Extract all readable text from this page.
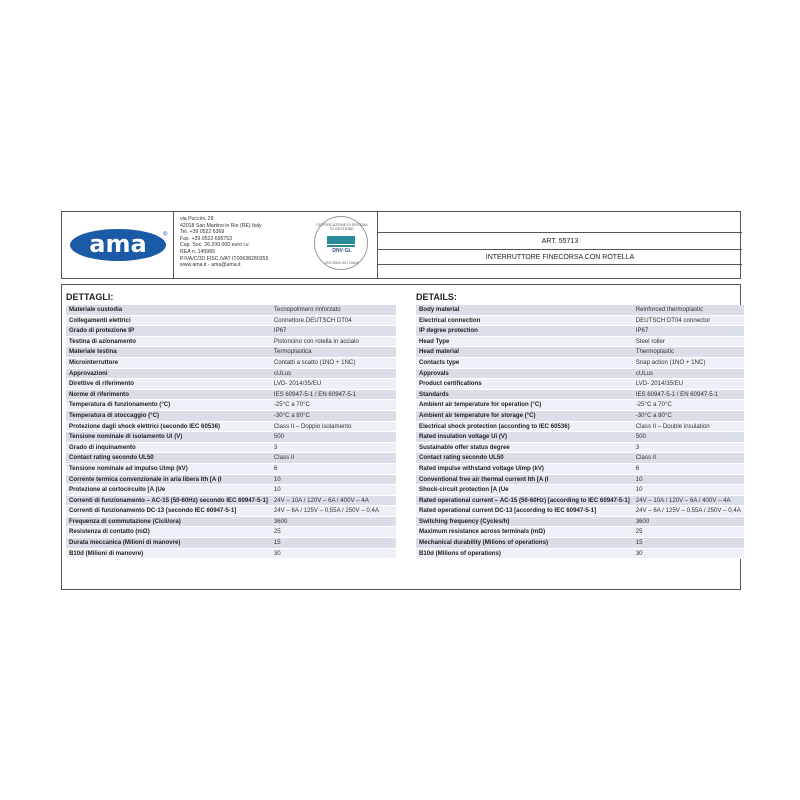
ama	®
via Puccini, 28
42018 San Martino in Rio (RE) Italy
Tel. +39 0522 6369
Fax. +39 0522 695753
Cap. Soc. 26.200.000 euro i.v.
REA n. 145989
P.IVA/COD.FISC./VAT IT00638280355
www.ama.it - ama@ama.it
CERTIFICAZIONE DI SISTEMA DI GESTIONE
DNV·GL
ISO 9001:ISO 14001
ART. 55713
INTERRUTTORE FINECORSA CON ROTELLA
DETTAGLI:
Materiale custodia	Tecnopolimero rinforzato
Collegamenti elettrici	Connettore DEUTSCH DT04
Grado di protezione IP	IP67
Testina di azionamento	Pistoncino con rotella in acciaio
Materiale testina	Termoplastica
Microinterruttore	Contatti a scatto (1NO + 1NC)
Approvazioni	cULus
Direttive di riferimento	LVD- 2014/35/EU
Norme di riferimento	IES 60947-5-1 / EN 60947-5-1
Temperatura di funzionamento (°C)	-25°C a 70°C
Temperatura di stoccaggio (°C)	-30°C a 80°C
Protezione dagli shock elettrici (secondo IEC 60536)	Class II – Doppio isolamento
Tensione nominale di isolamento Ui (V)	500
Grado di inquinamento	3
Contact rating secondo UL50	Class II
Tensione nominale ad impulso Uimp (kV)	6
Corrente termica convenzionale in aria libera Ith [A (I	10
Protezione al cortocircuito [A (Ue	10
Correnti di funzionamento – AC-15 (50-60Hz) secondo IEC 60947-5-1]	24V – 10A / 120V – 6A / 400V – 4A
Correnti di funzionamento DC-13 [secondo IEC 60947-5-1]	24V – 6A / 125V – 0,55A / 250V – 0,4A
Frequenza di commutazione (Cicli/ora)	3600
Resistenza di contatto (mΩ)	25
Durata meccanica (Milioni di manovre)	15
B10d (Milioni di manovre)	30
DETAILS:
Body material	Reinforced thermoplastic
Electrical connection	DEUTSCH DT04 connector
IP degree protection	IP67
Head Type	Steel roller
Head material	Thermoplastic
Contacts type	Snap action (1NO + 1NC)
Approvals	cULus
Product certifications	LVD- 2014/35/EU
Standards	IES 60947-5-1 / EN 60947-5-1
Ambient air temperature for operation (°C)	-25°C a 70°C
Ambient air temperature for storage (°C)	-30°C a 80°C
Electrical shock protection (according to IEC 60536)	Class II – Double insulation
Rated insulation voltage Ui (V)	500
Sustainable offer status degree	3
Contact rating secondo UL50	Class II
Rated impulse withstand voltage Uimp (kV)	6
Conventional free air thermal current Ith [A (I	10
Shock-circuit protection [A (Ue	10
Rated operational current – AC-15 (50-60Hz) [according to IEC 60947-5-1]	24V – 10A / 120V – 6A / 400V – 4A
Rated operational current DC-13 [according to IEC 60947-5-1]	24V – 6A / 125V – 0,55A / 250V – 0,4A
Switching frequency (Cycles/h)	3600
Maximum resistance across terminals (mΩ)	25
Mechanical durability (Milions of operations)	15
B10d (Milions of operations)	30
